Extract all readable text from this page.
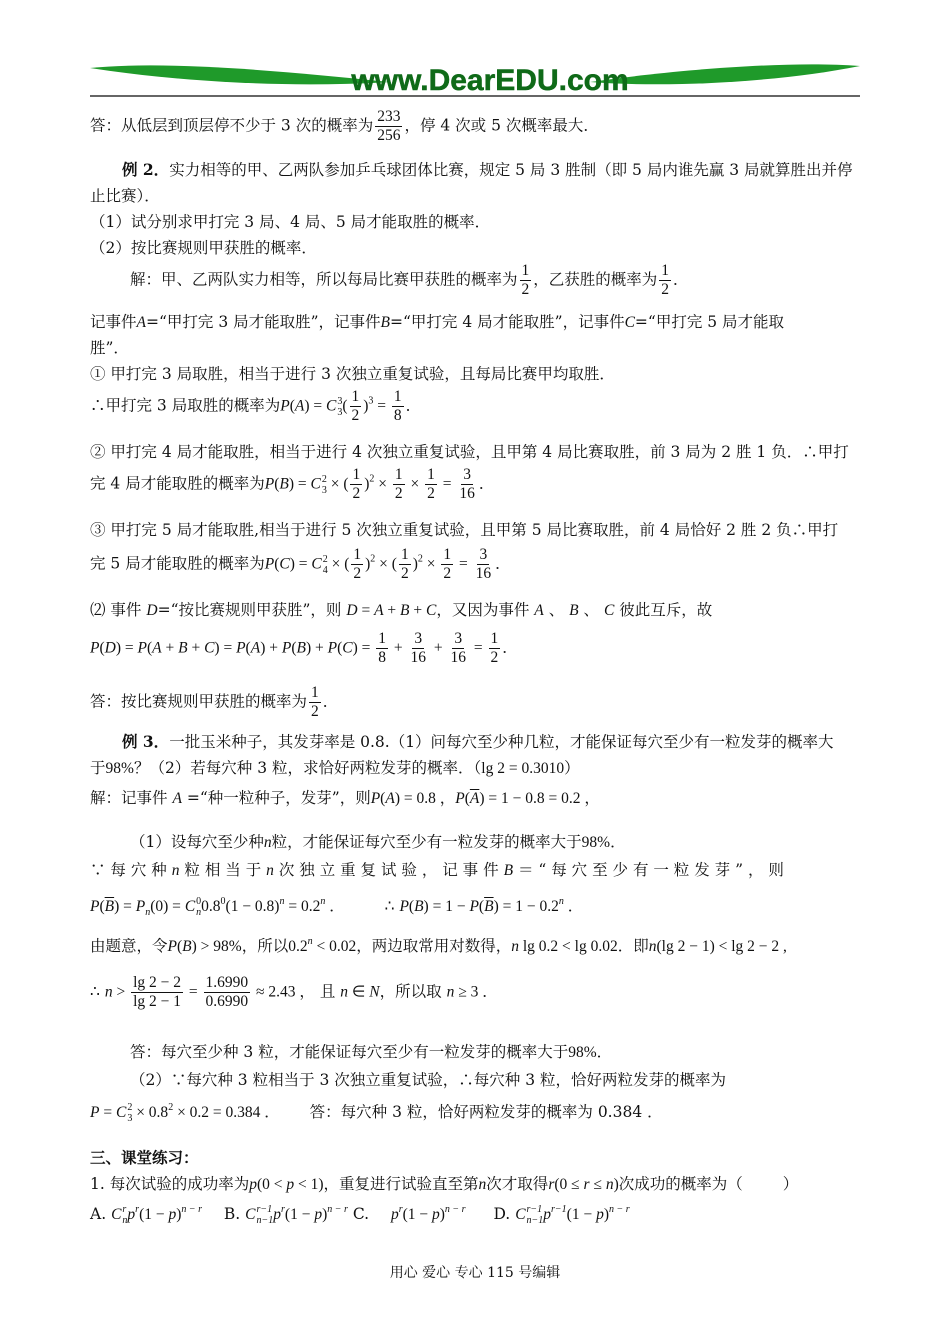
www.DearEDU.com
答：从低层到顶层停不少于 3 次的概率为 $\frac{233}{256}$ ，停 4 次或 5 次概率最大．
例 2．实力相等的甲、乙两队参加乒乓球团体比赛，规定 5 局 3 胜制（即 5 局内谁先赢 3 局就算胜出并停
止比赛）．
（1）试分别求甲打完 3 局、4 局、5 局才能取胜的概率．
（2）按比赛规则甲获胜的概率．
解：甲、乙两队实力相等，所以每局比赛甲获胜的概率为 $\frac{1}{2}$ ，乙获胜的概率为 $\frac{1}{2}$ ．
记事件A=“甲打完 3 局才能取胜”，记事件B=“甲打完 4 局才能取胜”，记事件C=“甲打完 5 局才能取
胜”．
① 甲打完 3 局取胜，相当于进行 3 次独立重复试验，且每局比赛甲均取胜．
∴甲打完 3 局取胜的概率为P(A) = C 3
3 ( $\frac{1}{2} )^3 = \frac{1}{8}$ ．
② 甲打完 4 局才能取胜，相当于进行 4 次独立重复试验，且甲第 4 局比赛取胜，前 3 局为 2 胜 1 负．∴甲打
完 4 局才能取胜的概率为P(B) = C 2
3 × ( $\frac{1}{2} )^2 \times \frac{1}{2} \times \frac{1}{2} = \frac{3}{16}$ ．
③ 甲打完 5 局才能取胜,相当于进行 5 次独立重复试验，且甲第 5 局比赛取胜，前 4 局恰好 2 胜 2 负∴甲打
完 5 局才能取胜的概率为P(C) = C 2
4 × ( $\frac{1}{2} )^2$ × ( $\frac{1}{2} )^2 \times \frac{1}{2} = \frac{3}{16}$ ．
⑵ 事件 D=“按比赛规则甲获胜”，则 D = A + B + C，又因为事件 A 、 B 、 C 彼此互斥，故
$P(D) = P(A + B + C) = P(A) + P(B) + P(C) = \frac{1}{8} + \frac{3}{16} + \frac{3}{16} = \frac{1}{2}$ ．
答：按比赛规则甲获胜的概率为 $\frac{1}{2}$ ．
例 3．一批玉米种子，其发芽率是 0.8.（1）问每穴至少种几粒，才能保证每穴至少有一粒发芽的概率大
于98%？（2）若每穴种 3 粒，求恰好两粒发芽的概率．（lg 2 = 0.3010）
解：记事件 A =“种一粒种子，发芽”，则P(A) = 0.8 ，$P(\overline{A}) = 1 - 0.8 = 0.2$ ，
（1）设每穴至少种n粒，才能保证每穴至少有一粒发芽的概率大于98%．
∵ 每 穴 种 n 粒 相 当 于 n 次 独 立 重 复 试 验 ， 记 事 件 B ＝ “ 每 穴 至 少 有 一 粒 发 芽 ” ， 则
$P(\overline{B}) = P_n(0) = C$ 0
n $0.8^0(1 - 0.8)^n = 0.2^n$ ．	∴ $P(B) = 1 - P(\overline{B}) = 1 - 0.2^n$ ．
由题意，令P(B) > 98%，所以$0.2^n < 0.02$，两边取常用对数得，n lg 0.2 < lg 0.02．即n(lg 2 − 1) < lg 2 − 2 ,
∴ $n > \frac{\lg 2 - 2}{\lg 2 - 1} = \frac{1.6990}{0.6990} \approx 2.43$ ， 且 n ∈ N，所以取 n ≥ 3 ．
答：每穴至少种 3 粒，才能保证每穴至少有一粒发芽的概率大于98%．
（2）∵每穴种 3 粒相当于 3 次独立重复试验，∴每穴种 3 粒，恰好两粒发芽的概率为
P = C 2
$3 \times 0.8^2 \times 0.2 = 0.384$ ． 答：每穴种 3 粒，恰好两粒发芽的概率为 0.384 ．
三、课堂练习：
1. 每次试验的成功率为p(0 < p < 1)，重复进行试验直至第n次才取得r(0 ≤ r ≤ n)次成功的概率为（	）
A. C r
n $p^r(1 - p)^{n - r}$ B. C r−1
n−1 $p^r(1 - p)^{n - r}$ C. $p^r(1 - p)^{n - r}$ D. C r−1
n−1 $p^{r-1}(1 - p)^{n - r}$
用心 爱心 专心 115 号编辑
